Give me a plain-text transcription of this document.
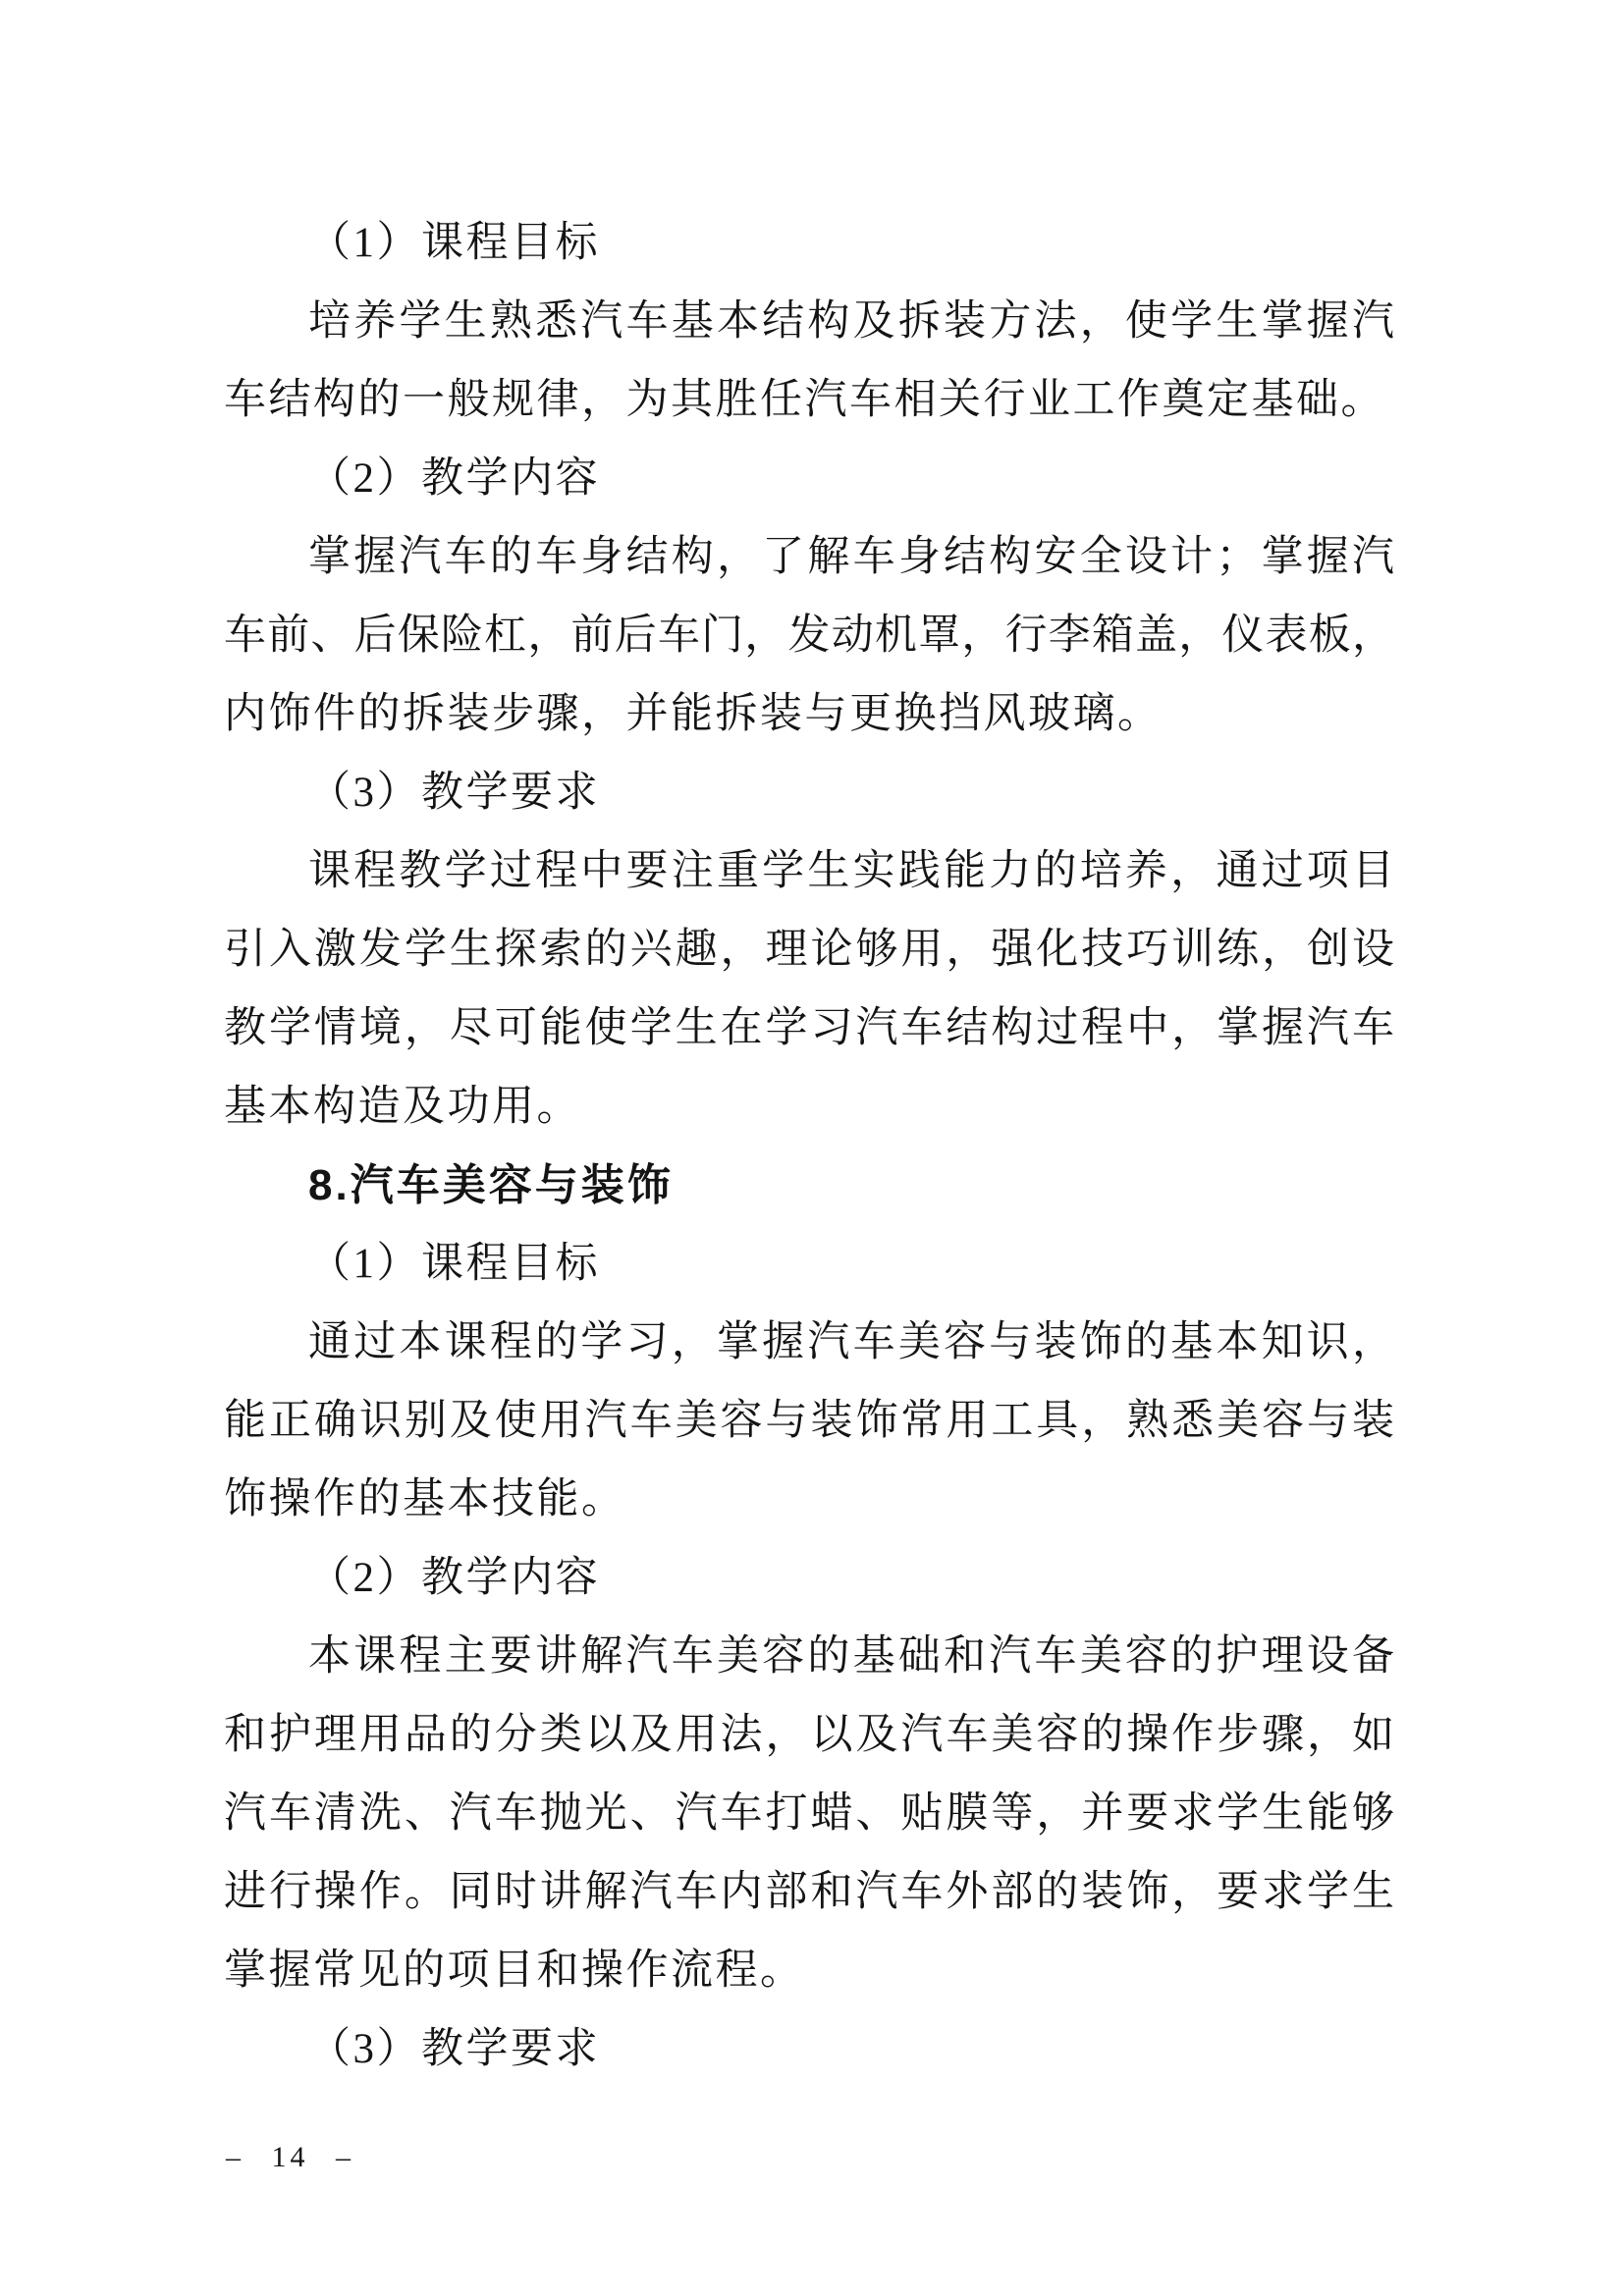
（1）课程目标
培养学生熟悉汽车基本结构及拆装方法，使学生掌握汽
车结构的一般规律，为其胜任汽车相关行业工作奠定基础。
（2）教学内容
掌握汽车的车身结构，了解车身结构安全设计；掌握汽
车前、后保险杠，前后车门，发动机罩，行李箱盖，仪表板，
内饰件的拆装步骤，并能拆装与更换挡风玻璃。
（3）教学要求
课程教学过程中要注重学生实践能力的培养，通过项目
引入激发学生探索的兴趣，理论够用，强化技巧训练，创设
教学情境，尽可能使学生在学习汽车结构过程中，掌握汽车
基本构造及功用。
8.汽车美容与装饰
（1）课程目标
通过本课程的学习，掌握汽车美容与装饰的基本知识，
能正确识别及使用汽车美容与装饰常用工具，熟悉美容与装
饰操作的基本技能。
（2）教学内容
本课程主要讲解汽车美容的基础和汽车美容的护理设备
和护理用品的分类以及用法，以及汽车美容的操作步骤，如
汽车清洗、汽车抛光、汽车打蜡、贴膜等，并要求学生能够
进行操作。同时讲解汽车内部和汽车外部的装饰，要求学生
掌握常见的项目和操作流程。
（3）教学要求
– 14 –
